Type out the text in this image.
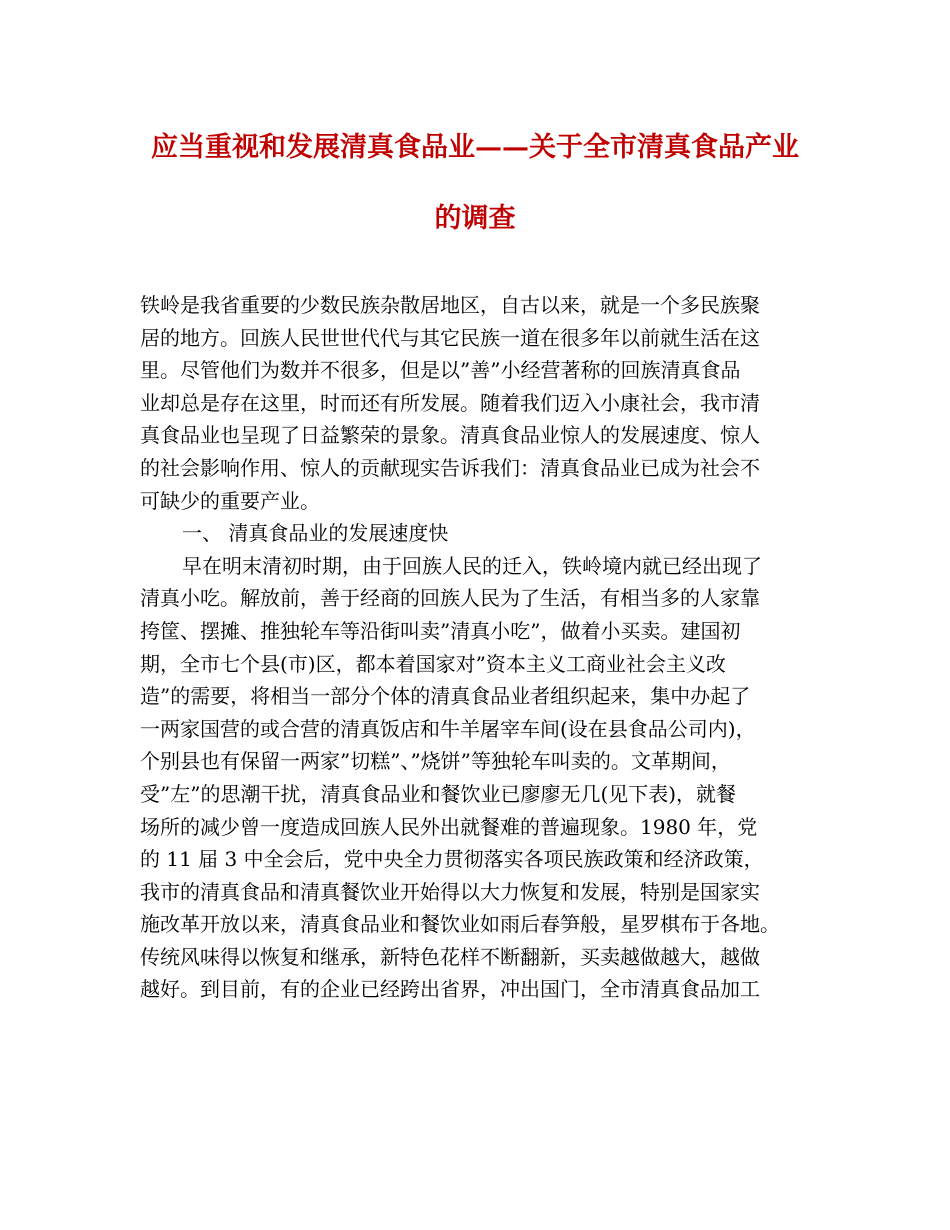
应当重视和发展清真食品业——关于全市清真食品产业
的调查
铁岭是我省重要的少数民族杂散居地区，自古以来，就是一个多民族聚
居的地方。回族人民世世代代与其它民族一道在很多年以前就生活在这
里。尽管他们为数并不很多，但是以”善”小经营著称的回族清真食品
业却总是存在这里，时而还有所发展。随着我们迈入小康社会，我市清
真食品业也呈现了日益繁荣的景象。清真食品业惊人的发展速度、惊人
的社会影响作用、惊人的贡献现实告诉我们：清真食品业已成为社会不
可缺少的重要产业。
一、 清真食品业的发展速度快
早在明末清初时期，由于回族人民的迁入，铁岭境内就已经出现了
清真小吃。解放前，善于经商的回族人民为了生活，有相当多的人家靠
挎筐、摆摊、推独轮车等沿街叫卖”清真小吃”，做着小买卖。建国初
期，全市七个县(市)区，都本着国家对”资本主义工商业社会主义改
造”的需要，将相当一部分个体的清真食品业者组织起来，集中办起了
一两家国营的或合营的清真饭店和牛羊屠宰车间(设在县食品公司内)，
个别县也有保留一两家”切糕”、”烧饼”等独轮车叫卖的。文革期间，
受”左”的思潮干扰，清真食品业和餐饮业已廖廖无几(见下表)，就餐
场所的减少曾一度造成回族人民外出就餐难的普遍现象。1980 年，党
的 11 届 3 中全会后，党中央全力贯彻落实各项民族政策和经济政策，
我市的清真食品和清真餐饮业开始得以大力恢复和发展，特别是国家实
施改革开放以来，清真食品业和餐饮业如雨后春笋般，星罗棋布于各地。
传统风味得以恢复和继承，新特色花样不断翻新，买卖越做越大，越做
越好。到目前，有的企业已经跨出省界，冲出国门，全市清真食品加工
